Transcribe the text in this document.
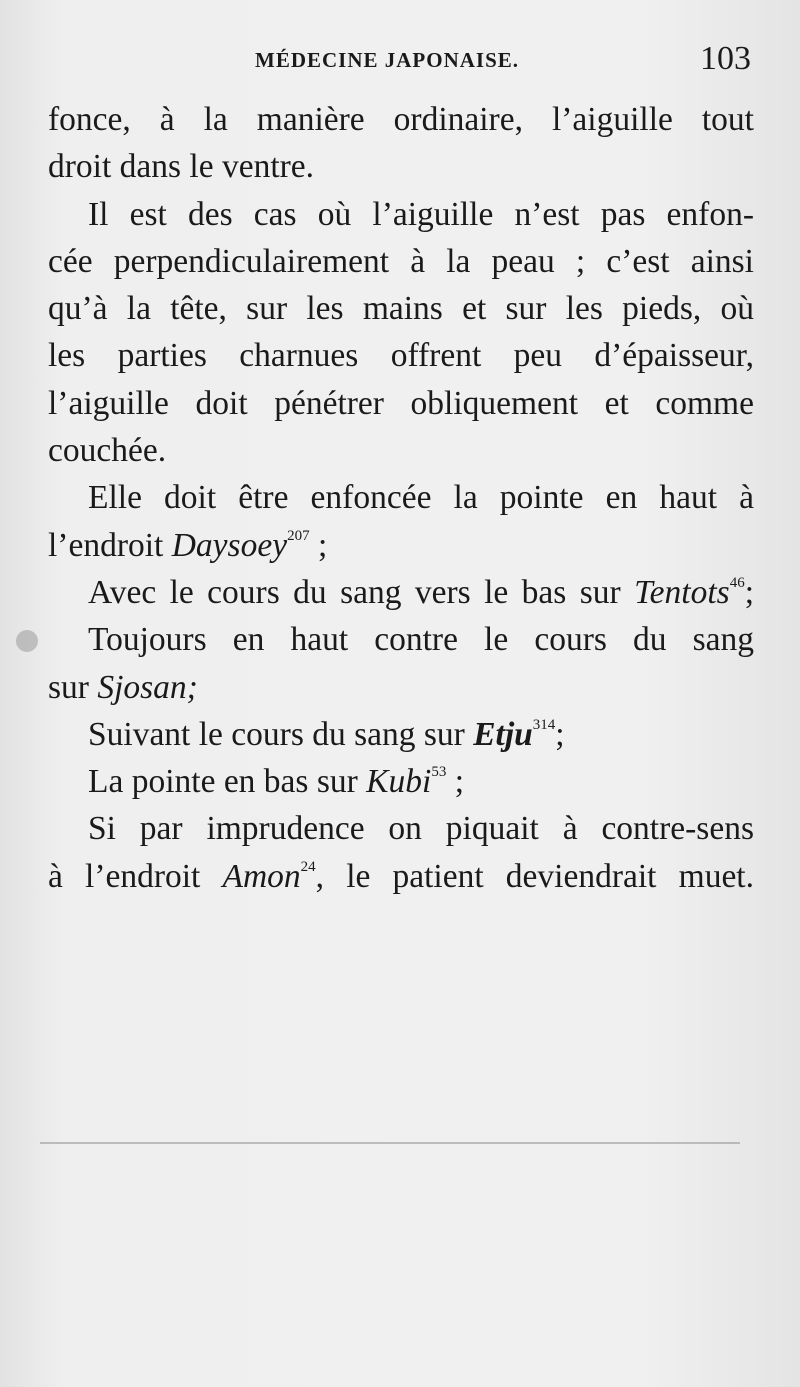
MÉDECINE JAPONAISE.	103
fonce, à la manière ordinaire, l’aiguille tout
droit dans le ventre.
Il est des cas où l’aiguille n’est pas enfon-
cée perpendiculairement à la peau ; c’est ainsi
qu’à la tête, sur les mains et sur les pieds, où
les parties charnues offrent peu d’épaisseur,
l’aiguille doit pénétrer obliquement et comme
couchée.
Elle doit être enfoncée la pointe en haut à
l’endroit Daysoey$^{207}$ ;
Avec le cours du sang vers le bas sur Tentots$^{46}$;
Toujours en haut contre le cours du sang
sur Sjosan;
Suivant le cours du sang sur Etju$^{314}$;
La pointe en bas sur Kubi$^{53}$ ;
Si par imprudence on piquait à contre-sens
à l’endroit Amon$^{24}$, le patient deviendrait muet.
